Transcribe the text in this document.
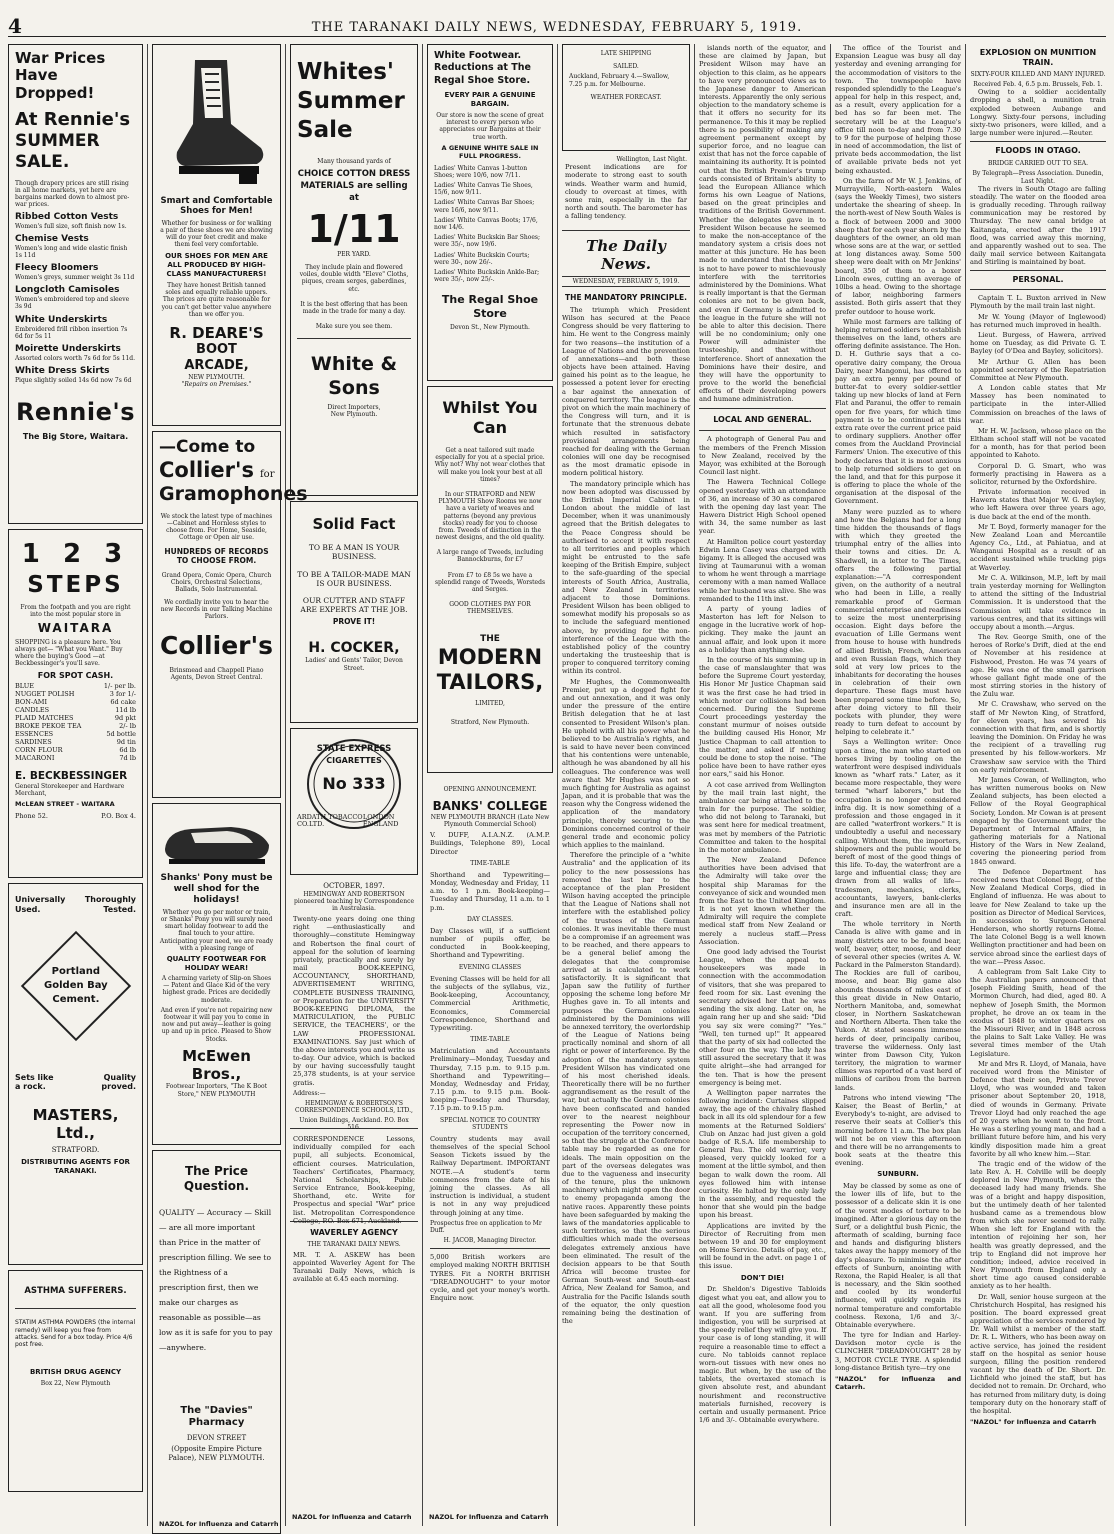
4	THE TARANAKI DAILY NEWS, WEDNESDAY, FEBRUARY 5, 1919.
War Prices
Have Dropped!
At Rennie's
SUMMER SALE.

Though drapery prices are still rising in all home markets, yet here are bargains marked down to almost pre-war prices.

Ribbed Cotton Vests
Women's full size, soft finish now 1s.
Chemise Vests
Women's long and wide elastic finish 1s 11d
Fleecy Bloomers
Women's greys, summer weight 3s 11d
Longcloth Camisoles
Women's embroidered top and sleeve 3s 9d
White Underskirts
Embroidered frill ribbon insertion 7s 6d for 5s 11
Moirette Underskirts
Assorted colors worth 7s 6d for 5s 11d.
White Dress Skirts
Pique slightly soiled 14s 6d now 7s 6d
Rennie's
The Big Store, Waitara.
1 2 3
STEPS

From the footpath and you are right into the most popular store in

WAITARA

SHOPPING is a pleasure here. You always get— "What you Want." Buy where the buying's Good —at Beckbessinger's you'll save.

FOR SPOT CASH.
BLUE	1/- per lb.
NUGGET POLISH	3 for 1/-
BON-AMI	6d cake
CANDLES	11d lb
PLAID MATCHES	9d pkt
BROKE PEKOE TEA	2/- lb
ESSENCES	5d bottle
SARDINES	9d tin
CORN FLOUR	6d lb
MACARONI	7d lb
E. BECKBESSINGER

General Storekeeper and Hardware Merchant,

McLEAN STREET - WAITARA
Phone 52.	P.O. Box 4.
Universally Thoroughly
Used.	Tested.
Portland
Golden Bay
Cement.
Sets like	Quality
a rock.	proved.
MASTERS, Ltd.,
STRATFORD.
DISTRIBUTING AGENTS FOR TARANAKI.
ASTHMA SUFFERERS.

STATIM ASTHMA POWDERS (the internal remedy) will keep you free from attacks. Send for a box today. Price 4/6 post free.

BRITISH DRUG AGENCY
Box 22, New Plymouth
Smart and Comfortable Shoes for Men!

Whether for business or for walking a pair of these shoes we are showing will do your feet credit and make them feel very comfortable.

OUR SHOES FOR MEN ARE ALL PRODUCED BY HIGH-CLASS MANUFACTURERS!

They have honest British tanned soles and equally reliable uppers. The prices are quite reasonable for you can't get better value anywhere than we offer you.

R. DEARE'S
BOOT
ARCADE,
NEW PLYMOUTH.
"Repairs on Premises."
—Come to
Collier's for
Gramophones

We stock the latest type of machines—Cabinet and Hornless styles to choose from. For Home, Seaside, Cottage or Open air use.

HUNDREDS OF RECORDS TO CHOOSE FROM.

Grand Opera, Comic Opera, Church Choirs, Orchestral Selections, Ballads, Solo Instrumental.

We cordially invite you to hear the new Records in our Talking Machine Parlors.

Collier's

Brinsmead and Chappell Piano Agents, Devon Street Central.

Shanks' Pony must be well shod for the holidays!

Whether you go per motor or train, or Shanks' Pony you will surely need smart holiday footwear to add the final touch to your attire. Anticipating your need, we are ready with a pleasing range of

QUALITY FOOTWEAR FOR HOLIDAY WEAR!

A charming variety of Slip-on Shoes — Patent and Glace Kid of the very highest grade. Prices are decidedly moderate.

And even if you're not repairing new footwear it will pay you to come in now and put away—leather is going up and up in price. Pleased to Show Stocks.

McEwen Bros.,

Footwear Importers, "The K Boot Store," NEW PLYMOUTH

The Price Question.

QUALITY — Accuracy — Skill — are all more important than Price in the matter of prescription filling. We see to the Rightness of a prescription first, then we make our charges as reasonable as possible—as low as it is safe for you to pay—anywhere.

The "Davies" Pharmacy
DEVON STREET
(Opposite Empire Picture Palace), NEW PLYMOUTH.
NAZOL for Influenza and Catarrh
Whites'
Summer
Sale
Many thousand yards of
CHOICE COTTON DRESS MATERIALS are selling at
1/11
PER YARD.

They include plain and flowered voiles, double width "Eleve" Cloths, piques, cream serges, gaberdines, etc.

It is the best offering that has been made in the trade for many a day.

Make sure you see them.

White & Sons
Direct Importers,
New Plymouth.
Solid Fact

TO BE A MAN IS YOUR BUSINESS.

TO BE A TAILOR-MADE MAN IS OUR BUSINESS.

OUR CUTTER AND STAFF ARE EXPERTS AT THE JOB.

PROVE IT!

H. COCKER,

Ladies' and Gents' Tailor, Devon Street.

STATE EXPRESS
CIGARETTES
No 333
ARDATH TOBACCO CO.LTD.
LONDON ENGLAND
OCTOBER, 1897.

HEMINGWAY AND ROBERTSON pioneered teaching by Correspondence in Australasia.

Twenty-one years doing one thing right —enthusiastically and thoroughly—constitute Hemingway and Robertson the final court of appeal for the solution of learning privately, practically and surely by mail BOOK-KEEPING, ACCOUNTANCY, SHORTHAND, ADVERTISEMENT WRITING, COMPLETE BUSINESS TRAINING, or Preparation for the UNIVERSITY BOOK-KEEPING DIPLOMA, the MATRICULATION, the PUBLIC SERVICE, the TEACHERS', or the LAW PROFESSIONAL EXAMINATIONS. Say just which of the above interests you and write us to-day. Our advice, which is backed by our having successfully taught 25,378 students, is at your service gratis.

Address:—

HEMINGWAY & ROBERTSON'S CORRESPONDENCE SCHOOLS, LTD.,

Union Buildings, Auckland. P.O. Box 516.

CORRESPONDENCE Lessons, individually compiled for each pupil, all subjects. Economical, efficient courses. Matriculation, Teachers' Certificates, Pharmacy, National Scholarships, Public Service Entrance, Book-keeping, Shorthand, etc. Write for Prospectus and special "War" price list. Metropolitan Correspondence College, P.O. Box 671, Auckland.

WAVERLEY AGENCY
THE TARANAKI DAILY NEWS.

MR. T. A. ASKEW has been appointed Waverley Agent for The Taranaki Daily News, which is available at 6.45 each morning.

NAZOL for Influenza and Catarrh
White Footwear.
Reductions at The
Regal Shoe Store.
EVERY PAIR A GENUINE BARGAIN.

Our store is now the scene of great interest to every person who appreciates our Bargains at their true worth.

A GENUINE WHITE SALE IN FULL PROGRESS.

Ladies' White Canvas 1-button Shoes; were 10/6, now 7/11.

Ladies' White Canvas Tie Shoes, 15/6, now 9/11.

Ladies' White Canvas Bar Shoes; were 16/6, now 9/11.

Ladies' White Canvas Boots; 17/6, now 14/6.

Ladies' White Buckskin Bar Shoes; were 35/-, now 19/6.

Ladies' White Buckskin Courts; were 30-, now 26/-.

Ladies' White Buckskin Ankle-Bar; were 35/-, now 25/-.

The Regal Shoe Store
Devon St., New Plymouth.
Whilst You Can

Get a neat tailored suit made especially for you at a special price. Why not? Why not wear clothes that will make you look your best at all times?

In our STRATFORD and NEW PLYMOUTH Show Rooms we now have a variety of weaves and patterns (beyond any previous stocks) ready for you to choose from. Tweeds of distinction in the newest designs, and the old quality.

A large range of Tweeds, including Bannockburns, for £7

From £7 to £8 5s we have a splendid range of Tweeds, Worsteds and Serges.

GOOD CLOTHES PAY FOR THEMSELVES.

THE
MODERN
TAILORS,
LIMITED,
Stratford, New Plymouth.
OPENING ANNOUNCEMENT.
BANKS' COLLEGE

NEW PLYMOUTH BRANCH (Late New Plymouth Commercial School)

V. DUFF, A.I.A.N.Z. (A.M.P. Buildings, Telephone 89), Local Director

TIME-TABLE

Shorthand and Typewriting—Monday, Wednesday and Friday, 11 a.m. to 1 p.m. Book-keeping—Tuesday and Thursday, 11 a.m. to 1 p.m.

DAY CLASSES.

Day Classes will, if a sufficient number of pupils offer, be conducted in Book-keeping, Shorthand and Typewriting.

EVENING CLASSES

Evening Classes will be held for all the subjects of the syllabus, viz., Book-keeping, Accountancy, Commercial Arithmetic, Economics, Commercial Correspondence, Shorthand and Typewriting.

TIME-TABLE

Matriculation and Accountants Preliminary—Monday, Tuesday and Thursday, 7.15 p.m. to 9.15 p.m. Shorthand and Typewriting—Monday, Wednesday and Friday, 7.15 p.m. to 9.15 p.m. Book-keeping—Tuesday and Thursday, 7.15 p.m. to 9.15 p.m.

SPECIAL NOTICE TO COUNTRY STUDENTS

Country students may avail themselves of the special School Season Tickets issued by the Railway Department. IMPORTANT NOTE.—A student's term commences from the date of his joining the classes. As all instruction is individual, a student is not in any way prejudiced through joining at any time.

Prospectus free on application to Mr Duff.

H. JACOB, Managing Director.

5,000 British workers are employed making NORTH BRITISH TYRES. Fit a NORTH BRITISH "DREADNOUGHT" to your motor cycle, and get your money's worth. Enquire now.

NAZOL for Influenza and Catarrh
LATE SHIPPING
SAILED.

Auckland, February 4.—Swallow, 7.25 p.m. for Melbourne.

WEATHER FORECAST.
Wellington, Last Night.

Present indications are for moderate to strong east to south winds. Weather warm and humid, cloudy to overcast at times, with some rain, especially in the far north and south. The barometer has a falling tendency.

The Daily News.
WEDNESDAY, FEBRUARY 5, 1919.
THE MANDATORY PRINCIPLE.

The triumph which President Wilson has secured at the Peace Congress should be very flattering to him. He went to the Congress mainly for two reasons—the institution of a League of Nations and the prevention of annexations—and both these objects have been attained. Having gained his point as to the league, he possessed a potent lever for erecting a bar against the annexation of conquered territory. The league is the pivot on which the main machinery of the Congress will turn, and it is fortunate that the strenuous debate which resulted in satisfactory provisional arrangements being reached for dealing with the German colonies will one day be recognised as the most dramatic episode in modern political history.

The mandatory principle which has now been adopted was discussed by the British Imperial Cabinet in London about the middle of last December, when it was unanimously agreed that the British delegates to the Peace Congress should be authorised to accept it with respect to all territories and peoples which might be entrusted to the safe keeping of the British Empire, subject to the safe-guarding of the special interests of South Africa, Australia, and New Zealand in territories adjacent to those Dominions. President Wilson has been obliged to somewhat modify his proposals so as to include the safeguard mentioned above, by providing for the non-interference of the League with the established policy of the country undertaking the trusteeship that is proper to conquered territory coming within its control.

Mr Hughes, the Commonwealth Premier, put up a dogged fight for and out annexation, and it was only under the pressure of the entire British delegation that he at last consented to President Wilson's plan. He upheld with all his power what he believed to be Australia's rights, and is said to have never been convinced that his contentions were untenable, although he was abandoned by all his colleagues. The conference was well aware that Mr Hughes was not so much fighting for Australia as against Japan, and it is probable that was the reason why the Congress widened the application of the mandatory principle, thereby securing to the Dominions concerned control of their general trade and economic policy which applies to the mainland.

Therefore the principle of a "white Australia" and the application of its policy to the new possessions has removed the last bar to the acceptance of the plan President Wilson having accepted the principle that the League of Nations shall not interfere with the established policy of the trustees of the German colonies. It was inevitable there must be a compromise if an agreement was to be reached, and there appears to be a general belief among the delegates that the compromise arrived at is calculated to work satisfactorily. It is significant that Japan saw the futility of further opposing the scheme long before Mr Hughes gave in. To all intents and purposes the German colonies administered by the Dominions will be annexed territory, the overlordship of the League of Nations being practically nominal and shorn of all right or power of interference. By the adoption of the mandatory system President Wilson has vindicated one of his most cherished ideals. Theoretically there will be no further aggrandisement as the result of the war, but actually the German colonies have been confiscated and handed over to the nearest neighbour representing the Power now in occupation of the territory concerned, so that the struggle at the Conference table may be regarded as one for ideals. The main opposition on the part of the overseas delegates was due to the vagueness and insecurity of the tenure, plus the unknown machinery which might open the door to enemy propaganda among the native races. Apparently these points have been safeguarded by making the laws of the mandatories applicable to such territories, so that the serious difficulties which made the overseas delegates extremely anxious have been eliminated. The result of the decision appears to be that South Africa will become trustee for German South-west and South-east Africa, New Zealand for Samoa, and Australia for the Pacific Islands south of the equator, the only question remaining being the destination of the

islands north of the equator, and these are claimed by Japan, but President Wilson may have an objection to this claim, as he appears to have very pronounced views as to the Japanese danger to American interests. Apparently the only serious objection to the mandatory scheme is that it offers no security for its permanence. To this it may be replied there is no possibility of making any agreement permanent except by superior force, and no league can exist that has not the force capable of maintaining its authority. It is pointed out that the British Premier's trump cards consisted of Britain's ability to lead the European Alliance which forms his own League of Nations, based on the great principles and traditions of the British Government. Whether the delegates gave in to President Wilson because he seemed to make the non-acceptance of the mandatory system a crisis does not matter at this juncture. He has been made to understand that the league is not to have power to mischievously interfere with the territories administered by the Dominions. What is really important is that the German colonies are not to be given back, and even if Germany is admitted to the league in the future she will not be able to alter this decision. There will be no condominium; only one Power will administer the trusteeship, and that without interference. Short of annexation the Dominions have their desire, and they will have the opportunity to prove to the world the beneficial effects of their developing powers and humane administration.

LOCAL AND GENERAL.

A photograph of General Pau and the members of the French Mission to New Zealand, received by the Mayor, was exhibited at the Borough Council last night.

The Hawera Technical College opened yesterday with an attendance of 36, an increase of 30 as compared with the opening day last year. The Hawera District High School opened with 34, the same number as last year.

At Hamilton police court yesterday Edwin Lena Casey was charged with bigamy. It is alleged the accused was living at Taumarunui with a woman to whom he went through a marriage ceremony with a man named Wallace while her husband was alive. She was remanded to the 11th inst.

A party of young ladies of Masterton has left for Nelson to engage in the lucrative work of hop-picking. They make the jaunt an annual affair, and look upon it more as a holiday than anything else.

In the course of his summing up in the case of manslaughter that was before the Supreme Court yesterday, His Honor Mr Justice Chapman said it was the first case he had tried in which motor car collisions had been concerned. During the Supreme Court proceedings yesterday the constant murmur of noises outside the building caused His Honor, Mr Justice Chapman to call attention to the matter, and asked if nothing could be done to stop the noise. "The police have been to have rather eyes nor ears," said his Honor.

A cot case arrived from Wellington by the mail train last night, the ambulance car being attached to the train for the purpose. The soldier, who did not belong to Taranaki, but was sent here for medical treatment, was met by members of the Patriotic Committee and taken to the hospital in the motor ambulance.

The New Zealand Defence authorities have been advised that the Admiralty will take over the hospital ship Maramas for the conveyance of sick and wounded men from the East to the United Kingdom. It is not yet known whether the Admiralty will require the complete medical staff from New Zealand or merely a nucleus staff.—Press Association.

One good lady advised the Tourist League, when the appeal to housekeepers was made in connection with the accommodation of visitors, that she was prepared to feed room for six. Last evening the secretary advised her that he was sending the six along. Later on, he again rang her up and she said: "Did you say six were coming?" "Yes." "Well, ten turned up!" It appeared that the party of six had collected the other four on the way. The lady has still assured the secretary that it was quite alright—she had arranged for the ten. That is how the present emergency is being met.

A Wellington paper narrates the following incident: Curtaines slipped away, the age of the chivalry flashed back in all its old splendour for a few moments at the Returned Soldiers' Club on Anzac had just given a gold badge of R.S.A. life membership to General Pau. The old warrior, very pleased, very quickly looked for a moment at the little symbol, and then began to walk down the room. All eyes followed him with intense curiosity. He halted by the only lady in the assembly, and requested the honor that she would pin the badge upon his breast.

Applications are invited by the Director of Recruiting from men between 19 and 30 for employment on Home Service. Details of pay, etc., will be found in the advt. on page 1 of this issue.

DON'T DIE!

Dr. Sheldon's Digestive Tabloids digest what you eat, and allow you to eat all the good, wholesome food you want. If you are suffering from indigestion, you will be surprised at the speedy relief they will give you. If your case is of long standing, it will require a reasonable time to effect a cure. No tabloids cannot replace worn-out tissues with new ones no magic. But when, by the use of the tablets, the overtaxed stomach is given absolute rest, and abundant nourishment and reconstructive materials furnished, recovery is certain and usually permanent. Price 1/6 and 3/-. Obtainable everywhere.

The office of the Tourist and Expansion League was busy all day yesterday and evening arranging for the accommodation of visitors to the town. The townspeople have responded splendidly to the League's appeal for help in this respect, and, as a result, every application for a bed has so far been met. The secretary will be at the League's office till noon to-day and from 7.30 to 9 for the purpose of helping those in need of accommodation, the list of private beds accommodation, the list of available private beds not yet being exhausted.

On the farm of Mr W. J. Jenkins, of Murrayville, North-eastern Wales (says the Weekly Times), two sisters undertake the shearing of sheep. In the north-west of New South Wales is a flock of between 2000 and 3000 sheep that for each year shorn by the daughters of the owner, an old man whose sons are at the war, or settled at long distances away. Some 500 sheep were dealt with on Mr Jenkins' board, 350 of them to a boxer Lincoln ewes, cutting an average of 10lbs a head. Owing to the shortage of labor, neighboring farmers assisted. Both girls assert that they prefer outdoor to house work.

While most farmers are talking of helping returned soldiers to establish themselves on the land, others are offering definite assistance. The Hon. D. H. Guthrie says that a co-operative dairy company, the Oroua Dairy, near Mangonui, has offered to pay an extra penny per pound of butter-fat to every soldier-settler taking up new blocks of land at Fern Flat and Paranui, the offer to remain open for five years, for which time payment is to be continued at this extra rate over the current price paid to ordinary suppliers. Another offer comes from the Auckland Provincial Farmers' Union. The executive of this body declares that it is most anxious to help returned soldiers to get on the land, and that for this purpose it is offering to place the whole of the organisation at the disposal of the Government.

Many were puzzled as to where and how the Belgians had for a long time hidden the thousands of flags with which they greeted the triumphal entry of the allies into their towns and cities. Dr. A. Shadwell, in a letter to The Times, offers the following partial explanation:—"A correspondent given, on the authority of a neutral who had been in Lille, a really remarkable proof of German commercial enterprise and readiness to seize the most unenterprising occasion. Eight days before the evacuation of Lille Germans went from house to house with hundreds of allied British, French, American and even Russian flags, which they sold at very low prices to the inhabitants for decorating the houses in celebration of their own departure. These flags must have been prepared some time before. So, after doing victory to fill their pockets with plunder, they were ready to turn defeat to account by helping to celebrate it."

Says a Wellington writer: Once upon a time, the man who started on horses living by tooling on the waterfront were despised individuals known as "wharf rats." Later, as it became more respectable, they were termed "wharf laborers," but the occupation is no longer considered infra dig. It is now something of a profession and those engaged in it are called "waterfront workers." It is undoubtedly a useful and necessary calling. Without them, the importers, shipowners and the public would be bereft of most of the good things of this life. To-day, the waterfront are a large and influential class; they are drawn from all walks of life—tradesmen, mechanics, clerks, accountants, lawyers, bank-clerks and insurance men are all in the craft.

The whole territory in North Canada is alive with game and in many districts are to be found bear, wolf, beaver, otter, moose, and deer of several other species (writes A. W. Packard in the Palmerston Standard). The Rockies are full of caribou, moose, and bear. Big game also abounds thousands of miles east of this great divide in New Ontario, Northern Manitoba, and, somewhat closer, in Northern Saskatchewan and Northern Alberta. Then take the Yukon. At stated seasons immense herds of deer, principally caribou, traverse the wilderness. Only last winter from Dawson City, Yukon territory, the migration to warmer climes was reported of a vast herd of millions of caribou from the barren lands.

Patrons who intend viewing "The Kaiser, the Beast of Berlin," at Everybody's to-night, are advised to reserve their seats at Collier's this morning before 11 a.m. The box plan will not be on view this afternoon and there will be no arrangements to book seats at the theatre this evening.

SUNBURN.

May be classed by some as one of the lower ills of life, but to the possessor of a delicate skin it is one of the worst modes of torture to be imagined. After a glorious day on the Surf, or a delightful bush Picnic, the aftermath of scalding, burning face and hands and disfiguring blisters takes away the happy memory of the day's pleasure. To minimise the after effects of Sunburn, anointing with Rexona, the Rapid Healer, is all that is necessary, and the Skin soothed and cooled by its wonderful influence, will quickly regain its normal temperature and comfortable coolness. Rexona, 1/6 and 3/-. Obtainable everywhere.

The tyre for Indian and Harley-Davidson motor cycle is the CLINCHER "DREADNOUGHT" 28 by 3, MOTOR CYCLE TYRE. A splendid long-distance British tyre—try one

"NAZOL" for Influenza and Catarrh.
EXPLOSION ON MUNITION TRAIN.
SIXTY-FOUR KILLED AND MANY INJURED.
Received Feb. 4, 6.5 p.m. Brussels, Feb. 1.

Owing to a soldier accidentally dropping a shell, a munition train exploded between Aubange and Longwy. Sixty-four persons, including sixty-two prisoners, were killed, and a large number were injured.—Reuter.

FLOODS IN OTAGO.
BRIDGE CARRIED OUT TO SEA.
By Telegraph—Press Association. Dunedin, Last Night.

The rivers in South Otago are falling steadily. The water on the flooded area is gradually receding. Through railway communication may be restored by Thursday. The new canal bridge at Kaitangata, erected after the 1917 flood, was carried away this morning, and apparently washed out to sea. The daily mail service between Kaitangata and Stirling is maintained by boat.

PERSONAL.

Captain T. L. Buxton arrived in New Plymouth by the mail train last night.

Mr W. Young (Mayor of Inglewood) has returned much improved in health.

Lieut. Burgess, of Hawera, arrived home on Tuesday, as did Private G. T. Bayley (of O'Dea and Bayley, solicitors).

Mr Arthur G. Allen has been appointed secretary of the Repatriation Committee at New Plymouth.

A London cable states that Mr Massey has been nominated to participate in the inter-Allied Commission on breaches of the laws of war.

Mr H. W. Jackson, whose place on the Eltham school staff will not be vacated for a month, has for that period been appointed to Kahoto.

Corporal D. G. Smart, who was formerly practising in Hawera as a solicitor, returned by the Oxfordshire.

Private information received in Hawera states that Major W. G. Bayley, who left Hawera over three years ago, is due back at the end of the month.

Mr T. Boyd, formerly manager for the New Zealand Loan and Mercantile Agency Co., Ltd., at Pahiatua, and at Wanganui Hospital as a result of an accident sustained while trucking pigs at Waverley.

Mr C. A. Wilkinson, M.P., left by mail train yesterday morning for Wellington to attend the sitting of the Industrial Commission. It is understood that the Commission will take evidence in various centres, and that its sittings will occupy about a month.—Argus.

The Rev. George Smith, one of the heroes of Rorke's Drift, died at the end of November at his residence at Fishwood, Preston. He was 74 years of age. He was one of the small garrison whose gallant fight made one of the most stirring stories in the history of the Zulu war.

Mr C. Crawshaw, who served on the staff of Mr Newton King, of Stratford, for eleven years, has severed his connection with that firm, and is shortly leaving the Dominion. On Friday he was the recipient of a travelling rug presented by his fellow-workers. Mr Crawshaw saw service with the Third on early reinforcement.

Mr James Cowan, of Wellington, who has written numerous books on New Zealand subjects, has been elected a Fellow of the Royal Geographical Society, London. Mr Cowan is at present engaged by the Government under the Department of Internal Affairs, in gathering materials for a National History of the Wars in New Zealand, covering the pioneering period from 1845 onward.

The Defence Department has received news that Colonel Begg, of the New Zealand Medical Corps, died in England of influenza. He was about to leave for New Zealand to take up the position as Director of Medical Services, in succession to Surgeon-General Henderson, who shortly returns Home. The late Colonel Begg is a well known Wellington practitioner and had been on service abroad since the earliest days of the war.—Press Assoc.

A cablegram from Salt Lake City to the Australian papers announced that Joseph Fielding Smith, head of the Mormon Church, had died, aged 80. A nephew of Joseph Smith, the Mormon prophet, he drove an ox team in the exodus of 1848 to winter quarters on the Missouri River, and in 1848 across the plains to Salt Lake Valley. He was several times member of the Utah Legislature.

Mr and Mrs R. Lloyd, of Manaia, have received word from the Minister of Defence that their son, Private Trevor Lloyd, who was wounded and taken prisoner about September 20, 1918, died of wounds in Germany. Private Trevor Lloyd had only reached the age of 20 years when he went to the front. He was a sterling young man, and had a brilliant future before him, and his very kindly disposition made him a great favorite by all who knew him.—Star.

The tragic end of the widow of the late Rev. A. H. Colville will be deeply deplored in New Plymouth, where the deceased lady had many friends. She was of a bright and happy disposition, but the untimely death of her talented husband came as a tremendous blow from which she never seemed to rally. When she left for England with the intention of rejoining her son, her health was greatly depressed, and the trip to England did not improve her condition; indeed, advice received in New Plymouth from England only a short time ago caused considerable anxiety as to her health.

Dr. Wall, senior house surgeon at the Christchurch Hospital, has resigned his position. The board expressed great appreciation of the services rendered by Dr. Wall whilst a member of the staff. Dr. R. L. Withers, who has been away on active service, has joined the resident staff on the hospital as senior house surgeon, filling the position rendered vacant by the death of Dr. Short. Dr. Lichfield who joined the staff, but has decided not to remain. Dr. Orchard, who has returned from military duty, is doing temporary duty on the honorary staff of the hospital.

"NAZOL" for Influenza and Catarrh
